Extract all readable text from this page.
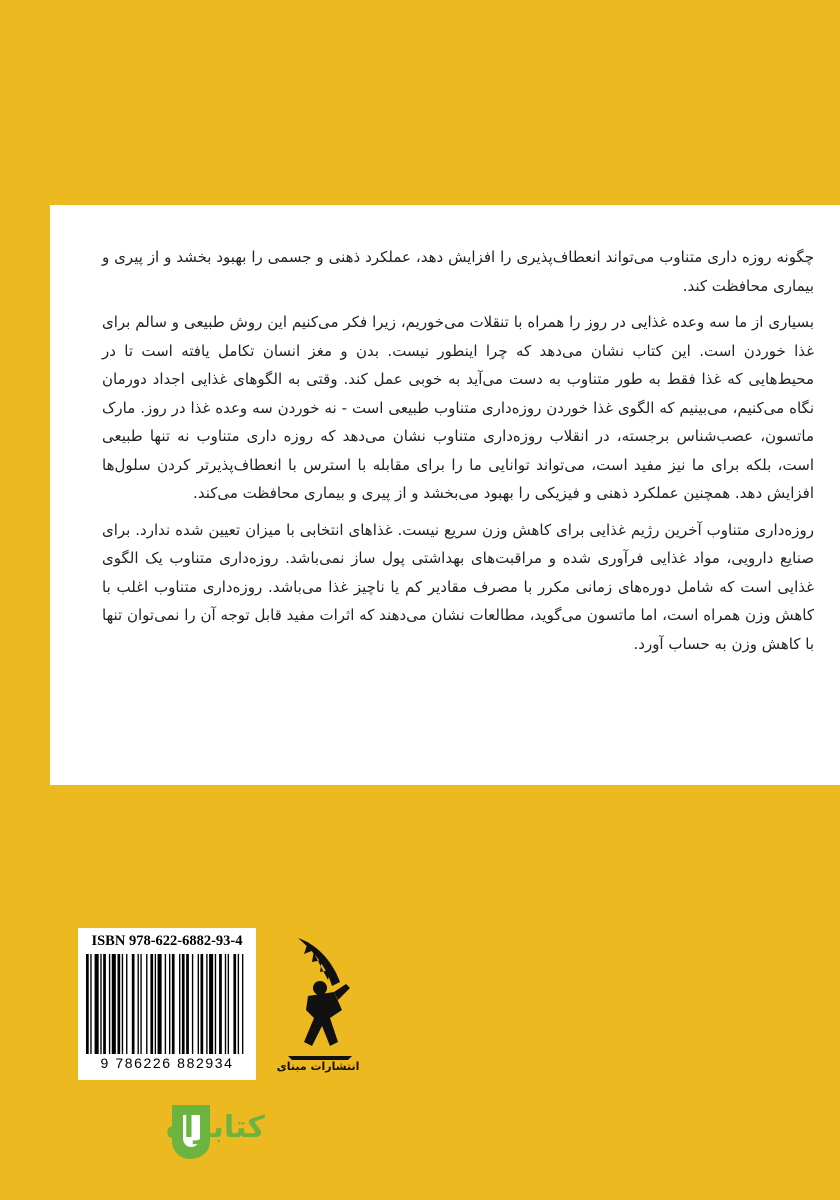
چگونه روزه داری متناوب می‌تواند انعطاف‌پذیری را افزایش دهد، عملکرد ذهنی و جسمی را بهبود بخشد و از پیری و بیماری محافظت کند.

بسیاری از ما سه وعده غذایی در روز را همراه با تنقلات می‌خوریم، زیرا فکر می‌کنیم این روش طبیعی و سالم برای غذا خوردن است. این کتاب نشان می‌دهد که چرا اینطور نیست. بدن و مغز انسان تکامل یافته است تا در محیط‌هایی که غذا فقط به طور متناوب به دست می‌آید به خوبی عمل کند. وقتی به الگوهای غذایی اجداد دورمان نگاه می‌کنیم، می‌بینیم که الگوی غذا خوردن روزه‌داری متناوب طبیعی است - نه خوردن سه وعده غذا در روز. مارک ماتسون، عصب‌شناس برجسته، در انقلاب روزه‌داری متناوب نشان می‌دهد که روزه داری متناوب نه تنها طبیعی است، بلکه برای ما نیز مفید است، می‌تواند توانایی ما را برای مقابله با استرس با انعطاف‌پذیرتر کردن سلول‌ها افزایش دهد. همچنین عملکرد ذهنی و فیزیکی را بهبود می‌بخشد و از پیری و بیماری محافظت می‌کند.

روزه‌داری متناوب آخرین رژیم غذایی برای کاهش وزن سریع نیست. غذاهای انتخابی با میزان تعیین شده ندارد. برای صنایع دارویی، مواد غذایی فرآوری شده و مراقبت‌های بهداشتی پول ساز نمی‌باشد. روزه‌داری متناوب یک الگوی غذایی است که شامل دوره‌های زمانی مکرر با مصرف مقادیر کم یا ناچیز غذا می‌باشد. روزه‌داری متناوب اغلب با کاهش وزن همراه است، اما ماتسون می‌گوید، مطالعات نشان می‌دهند که اثرات مفید قابل توجه آن را نمی‌توان تنها با کاهش وزن به حساب آورد.

ISBN 978-622-6882-93-4
9 786226 882934	انتشارات مبنای
کتابراه
